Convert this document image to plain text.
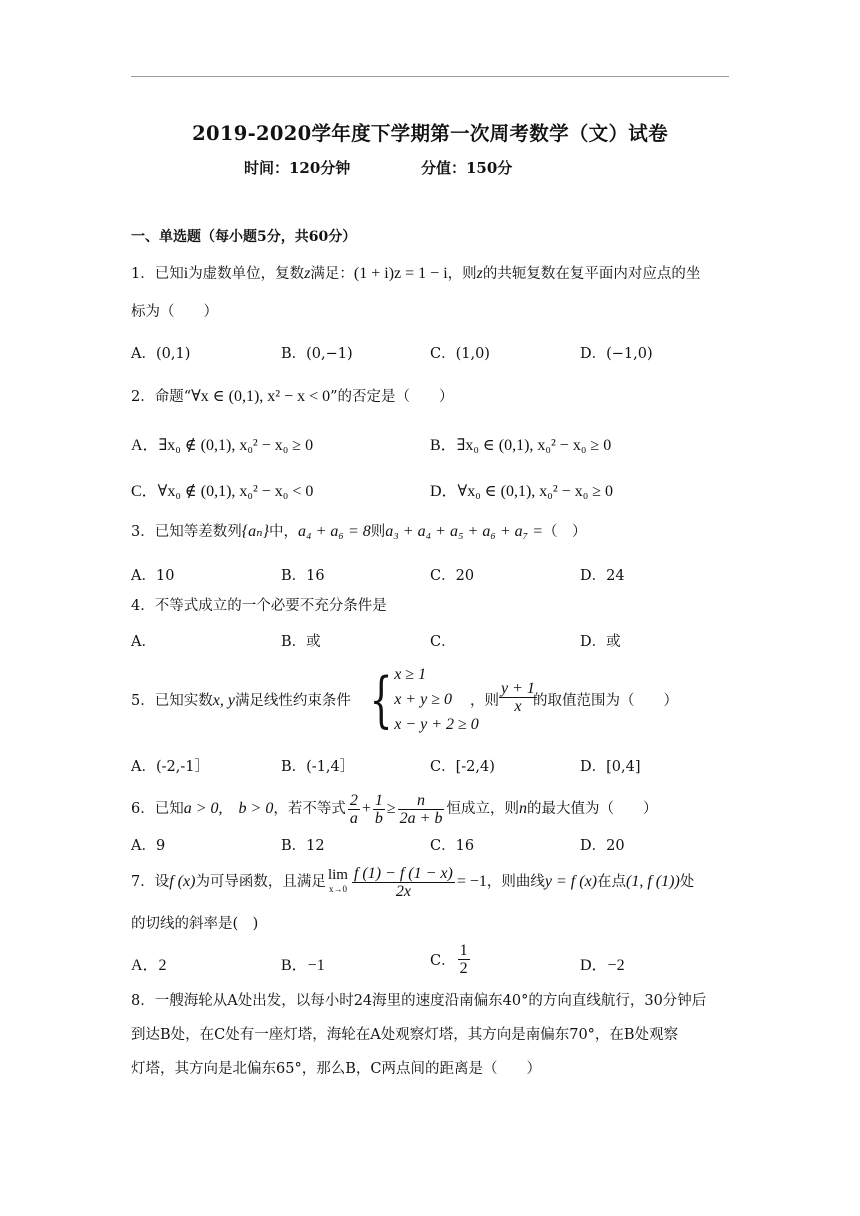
2019-2020学年度下学期第一次周考数学（文）试卷
时间：120分钟	分值：150分
一、单选题（每小题5分，共60分）
1．已知i为虚数单位，复数z满足：(1 + i)z = 1 − i，则z的共轭复数在复平面内对应点的坐
标为（　　）
A．(0,1)	B．(0,−1)	C．(1,0)	D．(−1,0)
2．命题“∀x ∈ (0,1), x² − x < 0”的否定是（　　）
A．∃x₀ ∉ (0,1), x₀² − x₀ ≥ 0	B．∃x₀ ∈ (0,1), x₀² − x₀ ≥ 0
C．∀x₀ ∉ (0,1), x₀² − x₀ < 0	D．∀x₀ ∈ (0,1), x₀² − x₀ ≥ 0
3．已知等差数列{aₙ}中，a₄ + a₆ = 8则a₃ + a₄ + a₅ + a₆ + a₇ =（　）
A．10	B．16	C．20	D．24
4．不等式成立的一个必要不充分条件是
A．	B．或	C．	D．或
5．已知实数x, y满足线性约束条件 { x ≥ 1
x + y ≥ 0
x − y + 2 ≥ 0
，则 $\frac{y + 1}{x}$
的取值范围为（　　）
A．(-2,-1］	B．(-1,4］	C．[-2,4)	D．[0,4]
6．已知 a > 0,　b > 0 ，若不等式 $\frac{2}{a} + \frac{1}{b} \ge \frac{n}{2a + b}$ 恒成立，则 n 的最大值为（　　）
A．9	B．12	C．16	D．20
7．设 f (x) 为可导函数，且满足 lim
$x\to 0 \frac{f (1) - f (1 - x)}{2x} = -1$ ，则曲线 y = f (x) 在点 (1, f (1)) 处
的切线的斜率是(　)
A．2	B．−1	C． $\frac{1}{2}$	D．−2
8．一艘海轮从A处出发，以每小时24海里的速度沿南偏东40°的方向直线航行，30分钟后
到达B处，在C处有一座灯塔，海轮在A处观察灯塔，其方向是南偏东70°，在B处观察
灯塔，其方向是北偏东65°，那么B，C两点间的距离是（　　）
